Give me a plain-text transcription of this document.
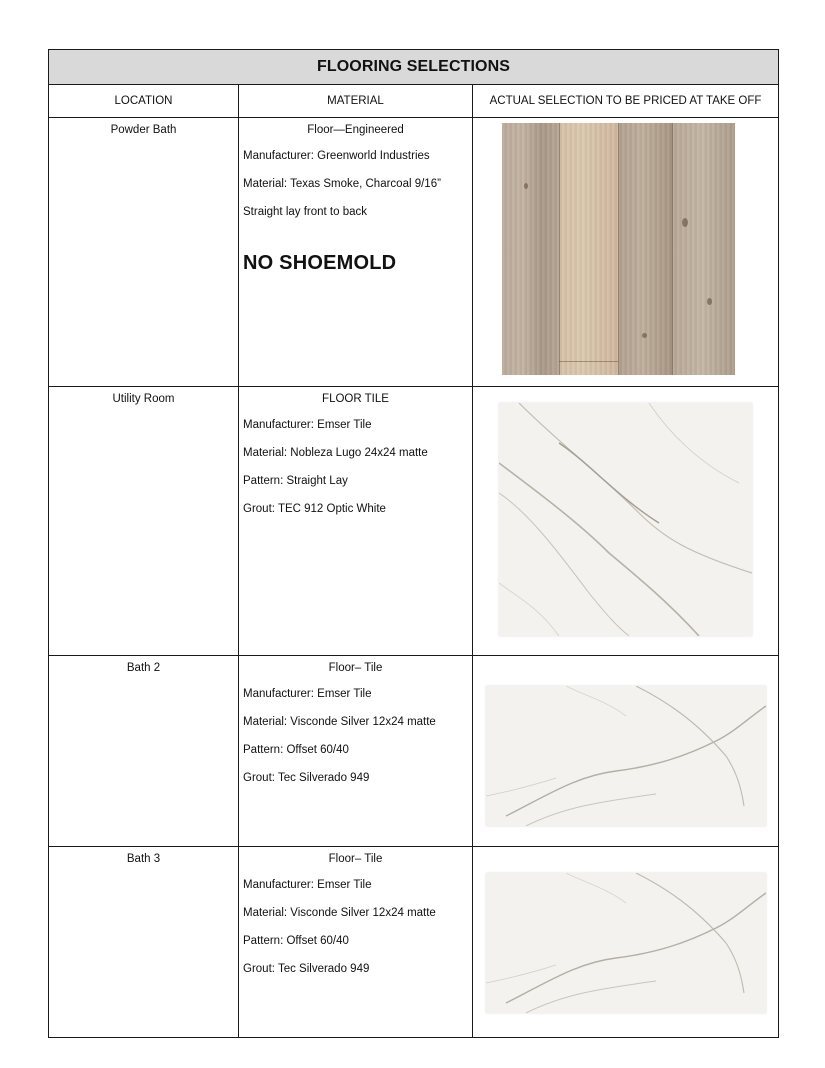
FLOORING SELECTIONS		
LOCATION	MATERIAL	ACTUAL SELECTION TO BE PRICED AT TAKE OFF
Powder Bath	Floor—Engineered
Manufacturer: Greenworld Industries
Material: Texas Smoke, Charcoal 9/16”
Straight lay front to back
NO SHOEMOLD	

Utility Room	FLOOR TILE
Manufacturer: Emser Tile
Material: Nobleza Lugo 24x24 matte
Pattern: Straight Lay
Grout: TEC 912 Optic White

Bath 2	Floor– Tile
Manufacturer: Emser Tile
Material: Visconde Silver 12x24 matte
Pattern: Offset 60/40
Grout: Tec Silverado 949

Bath 3	Floor– Tile
Manufacturer: Emser Tile
Material: Visconde Silver 12x24 matte
Pattern: Offset 60/40
Grout: Tec Silverado 949
